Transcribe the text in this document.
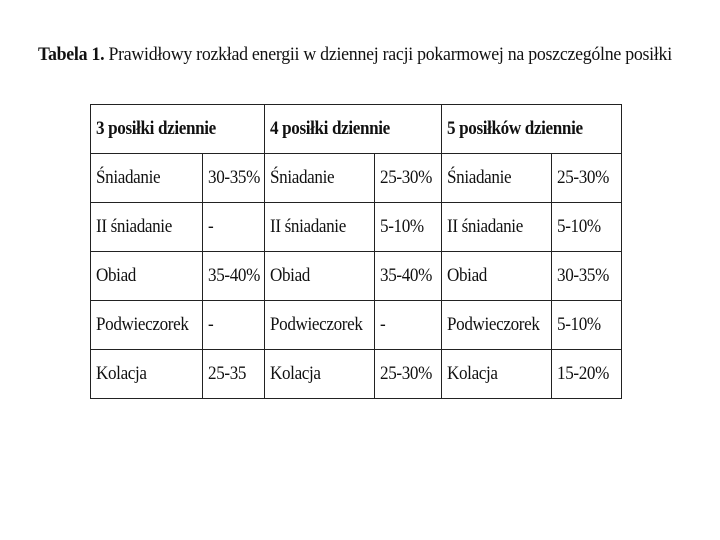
Tabela 1. Prawidłowy rozkład energii w dziennej racji pokarmowej na poszczególne posiłki
3 posiłki dziennie		4 posiłki dziennie		5 posiłków dziennie	
Śniadanie	30-35%	Śniadanie	25-30%	Śniadanie	25-30%
II śniadanie	-	II śniadanie	5-10%	II śniadanie	5-10%
Obiad	35-40%	Obiad	35-40%	Obiad	30-35%
Podwieczorek	-	Podwieczorek	-	Podwieczorek	5-10%
Kolacja	25-35	Kolacja	25-30%	Kolacja	15-20%
